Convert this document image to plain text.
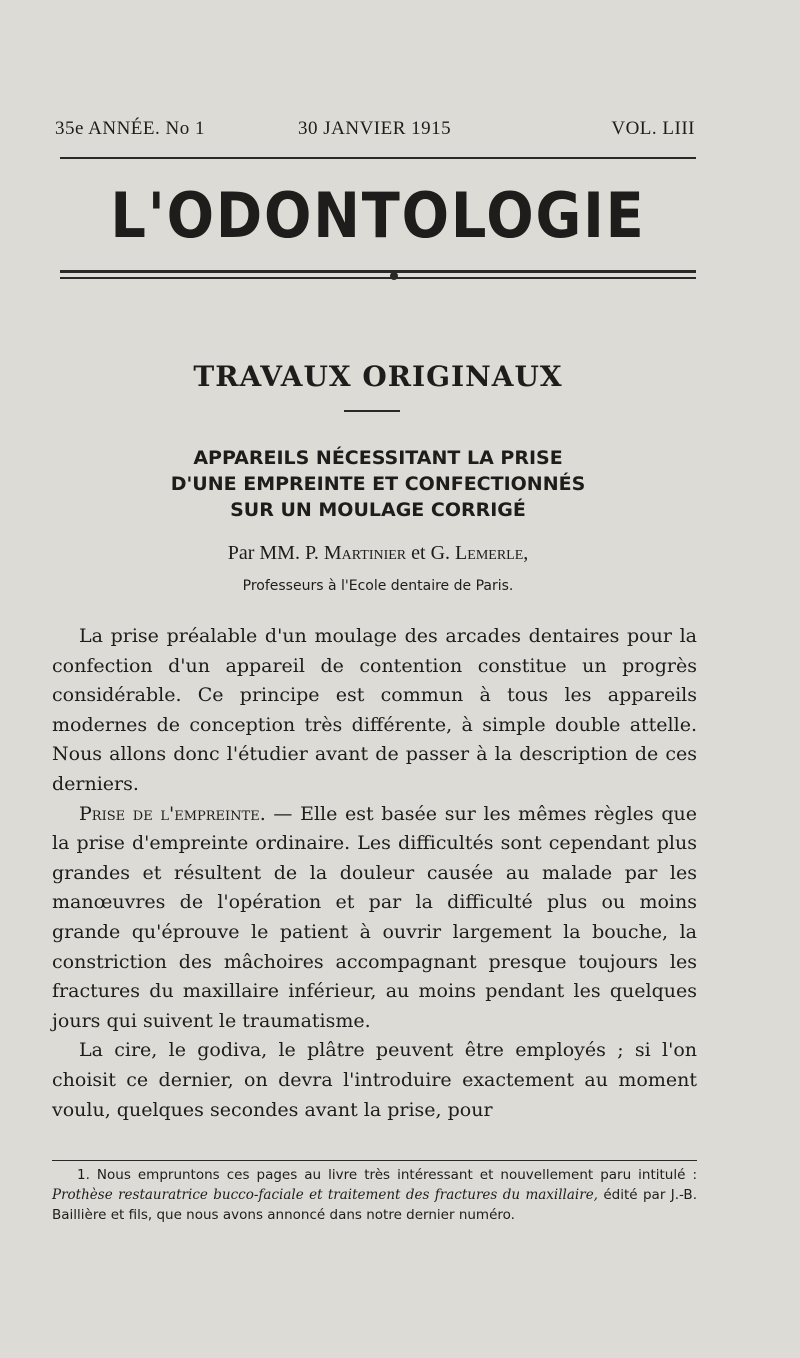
35e ANNÉE. No 1	30 JANVIER 1915	VOL. LIII
L'ODONTOLOGIE
TRAVAUX ORIGINAUX
APPAREILS NÉCESSITANT LA PRISE
D'UNE EMPREINTE ET CONFECTIONNÉS
SUR UN MOULAGE CORRIGÉ
Par MM. P. Martinier et G. Lemerle,
Professeurs à l'Ecole dentaire de Paris.

La prise préalable d'un moulage des arcades dentaires pour la confection d'un appareil de contention constitue un progrès considérable. Ce principe est commun à tous les appareils modernes de conception très différente, à simple double attelle. Nous allons donc l'étudier avant de passer à la description de ces derniers.

Prise de l'empreinte. — Elle est basée sur les mêmes règles que la prise d'empreinte ordinaire. Les difficultés sont cependant plus grandes et résultent de la douleur causée au malade par les manœuvres de l'opération et par la difficulté plus ou moins grande qu'éprouve le patient à ouvrir largement la bouche, la constriction des mâchoires accompagnant presque toujours les fractures du maxillaire inférieur, au moins pendant les quelques jours qui suivent le traumatisme.

La cire, le godiva, le plâtre peuvent être employés ; si l'on choisit ce dernier, on devra l'introduire exactement au moment voulu, quelques secondes avant la prise, pour

1. Nous empruntons ces pages au livre très intéressant et nouvellement paru intitulé : Prothèse restauratrice bucco-faciale et traitement des fractures du maxillaire, édité par J.-B. Baillière et fils, que nous avons annoncé dans notre dernier numéro.
